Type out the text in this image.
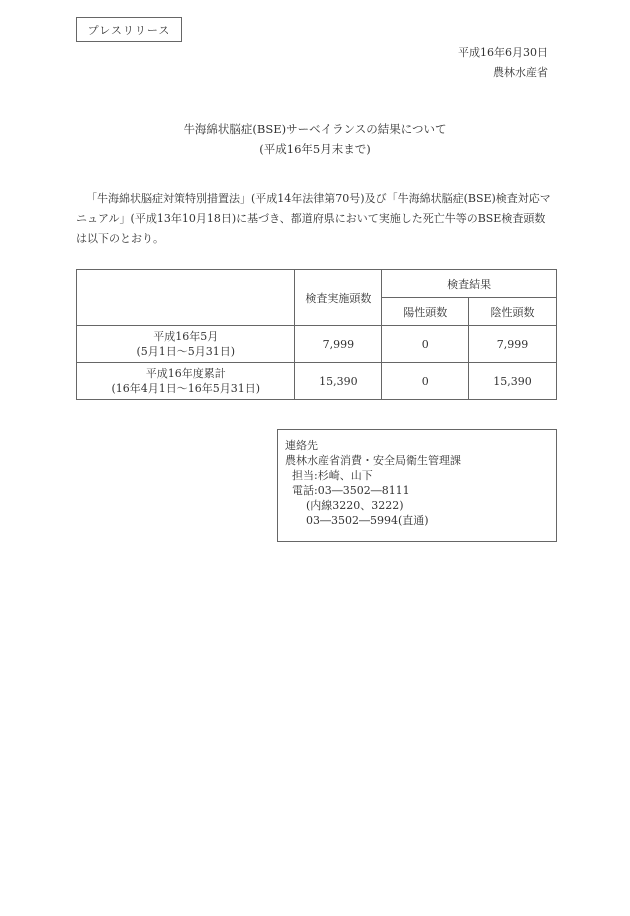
プレスリリース
平成16年6月30日
農林水産省
牛海綿状脳症(BSE)サーベイランスの結果について
(平成16年5月末まで)
「牛海綿状脳症対策特別措置法」(平成14年法律第70号)及び「牛海綿状脳症(BSE)検査対応マニュアル」(平成13年10月18日)に基づき、都道府県において実施した死亡牛等のBSE検査頭数は以下のとおり。
	検査実施頭数	検査結果	
		陽性頭数	陰性頭数

平成16年5月
(5月1日〜5月31日)	7,999	0	7,999

平成16年度累計
(16年4月1日〜16年5月31日)	15,390	0	15,390
連絡先
農林水産省消費・安全局衛生管理課
担当:杉崎、山下
電話:03―3502―8111
(内線3220、3222)
03―3502―5994(直通)
